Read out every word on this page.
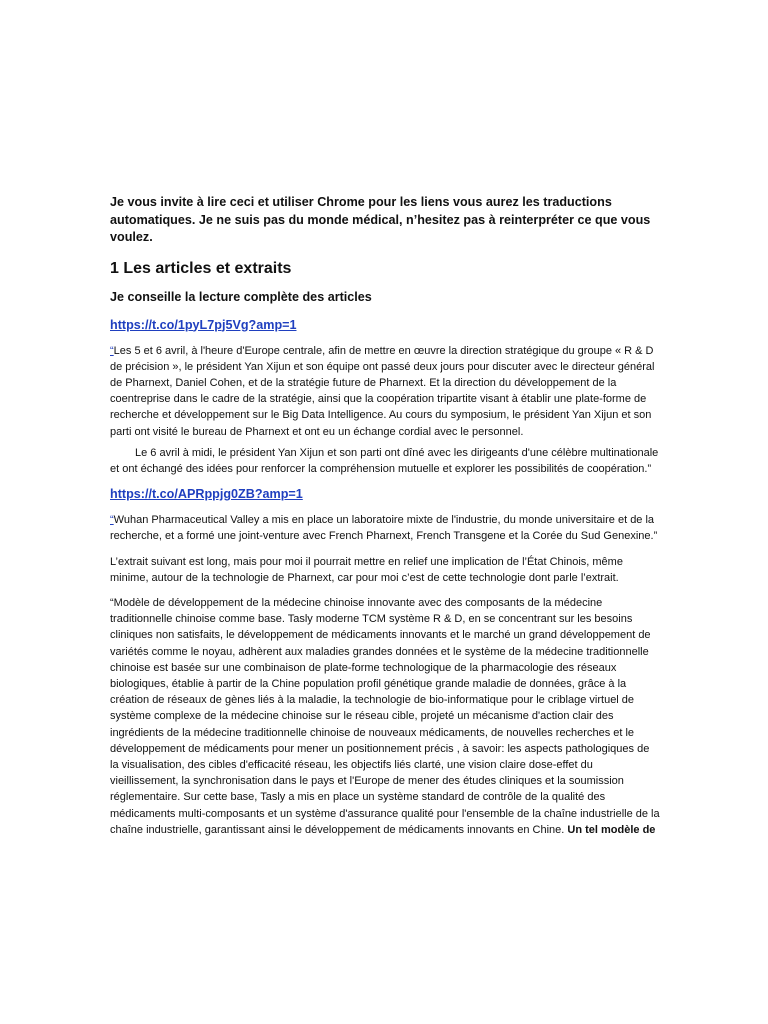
Je vous invite à lire ceci et utiliser Chrome pour les liens vous aurez les traductions automatiques. Je ne suis pas du monde médical, n’hesitez pas à reinterpréter ce que vous voulez.

1 Les articles et extraits

Je conseille la lecture complète des articles

https://t.co/1pyL7pj5Vg?amp=1

“Les 5 et 6 avril, à l'heure d'Europe centrale, afin de mettre en œuvre la direction stratégique du groupe « R & D de précision », le président Yan Xijun et son équipe ont passé deux jours pour discuter avec le directeur général de Pharnext, Daniel Cohen, et de la stratégie future de Pharnext. Et la direction du développement de la coentreprise dans le cadre de la stratégie, ainsi que la coopération tripartite visant à établir une plate-forme de recherche et développement sur le Big Data Intelligence. Au cours du symposium, le président Yan Xijun et son parti ont visité le bureau de Pharnext et ont eu un échange cordial avec le personnel.

Le 6 avril à midi, le président Yan Xijun et son parti ont dîné avec les dirigeants d'une célèbre multinationale et ont échangé des idées pour renforcer la compréhension mutuelle et explorer les possibilités de coopération.”

https://t.co/APRppjg0ZB?amp=1

“Wuhan Pharmaceutical Valley a mis en place un laboratoire mixte de l'industrie, du monde universitaire et de la recherche, et a formé une joint-venture avec French Pharnext, French Transgene et la Corée du Sud Genexine.”

L’extrait suivant est long, mais pour moi il pourrait mettre en relief une implication de l’État Chinois, même minime, autour de la technologie de Pharnext, car pour moi c’est de cette technologie dont parle l’extrait.

“Modèle de développement de la médecine chinoise innovante avec des composants de la médecine traditionnelle chinoise comme base. Tasly moderne TCM système R & D, en se concentrant sur les besoins cliniques non satisfaits, le développement de médicaments innovants et le marché un grand développement de variétés comme le noyau, adhèrent aux maladies grandes données et le système de la médecine traditionnelle chinoise est basée sur une combinaison de plate-forme technologique de la pharmacologie des réseaux biologiques, établie à partir de la Chine population profil génétique grande maladie de données, grâce à la création de réseaux de gènes liés à la maladie, la technologie de bio-informatique pour le criblage virtuel de système complexe de la médecine chinoise sur le réseau cible, projeté un mécanisme d'action clair des ingrédients de la médecine traditionnelle chinoise de nouveaux médicaments, de nouvelles recherches et le développement de médicaments pour mener un positionnement précis , à savoir: les aspects pathologiques de la visualisation, des cibles d'efficacité réseau, les objectifs liés clarté, une vision claire dose-effet du vieillissement, la synchronisation dans le pays et l'Europe de mener des études cliniques et la soumission réglementaire. Sur cette base, Tasly a mis en place un système standard de contrôle de la qualité des médicaments multi-composants et un système d'assurance qualité pour l'ensemble de la chaîne industrielle de la chaîne industrielle, garantissant ainsi le développement de médicaments innovants en Chine. Un tel modèle de
